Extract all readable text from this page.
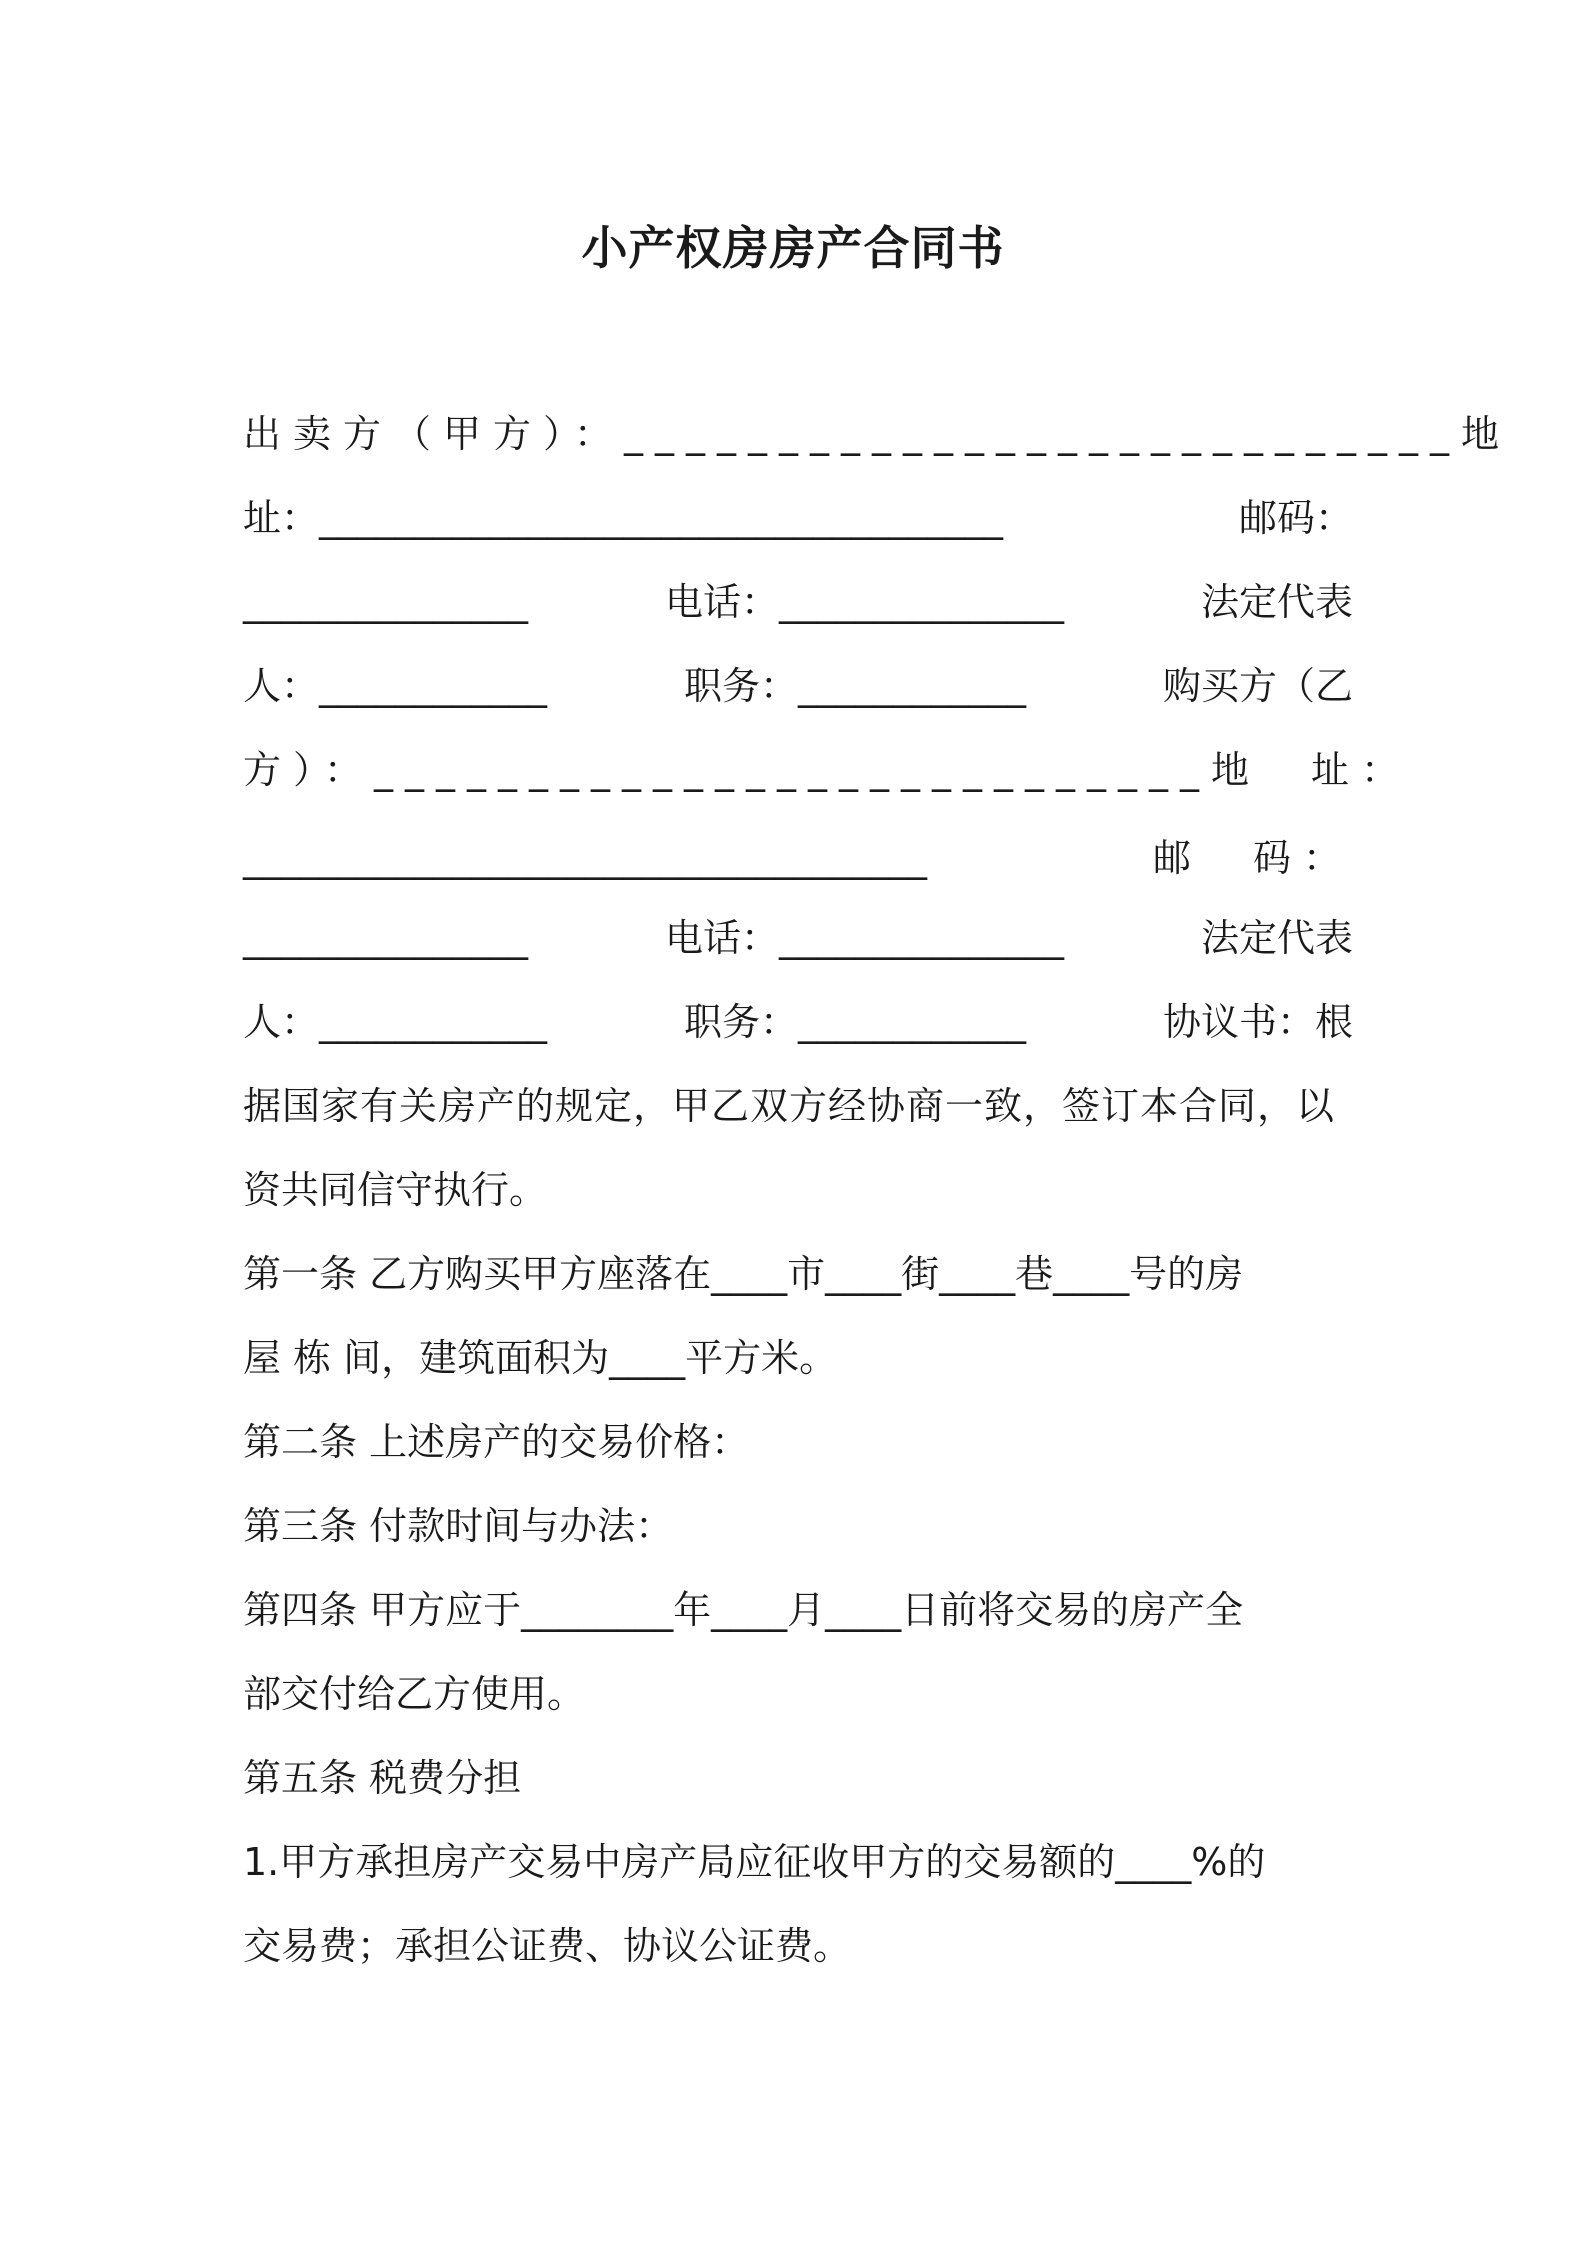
小产权房房产合同书
出卖方（甲方）：___________________________ 地
址：____________________________________	邮码：
_______________	电话：_______________	法定代表
人：____________	职务：____________	购买方（乙
方）：___________________________ 地　址：
____________________________________	邮　码：
_______________	电话：_______________	法定代表
人：____________	职务：____________	协议书：根
据国家有关房产的规定，甲乙双方经协商一致，签订本合同，以
资共同信守执行。
第一条 乙方购买甲方座落在____市____街____巷____号的房
屋 栋 间，建筑面积为____平方米。
第二条 上述房产的交易价格：
第三条 付款时间与办法：
第四条 甲方应于________年____月____日前将交易的房产全
部交付给乙方使用。
第五条 税费分担
1.甲方承担房产交易中房产局应征收甲方的交易额的____%的
交易费；承担公证费、协议公证费。
